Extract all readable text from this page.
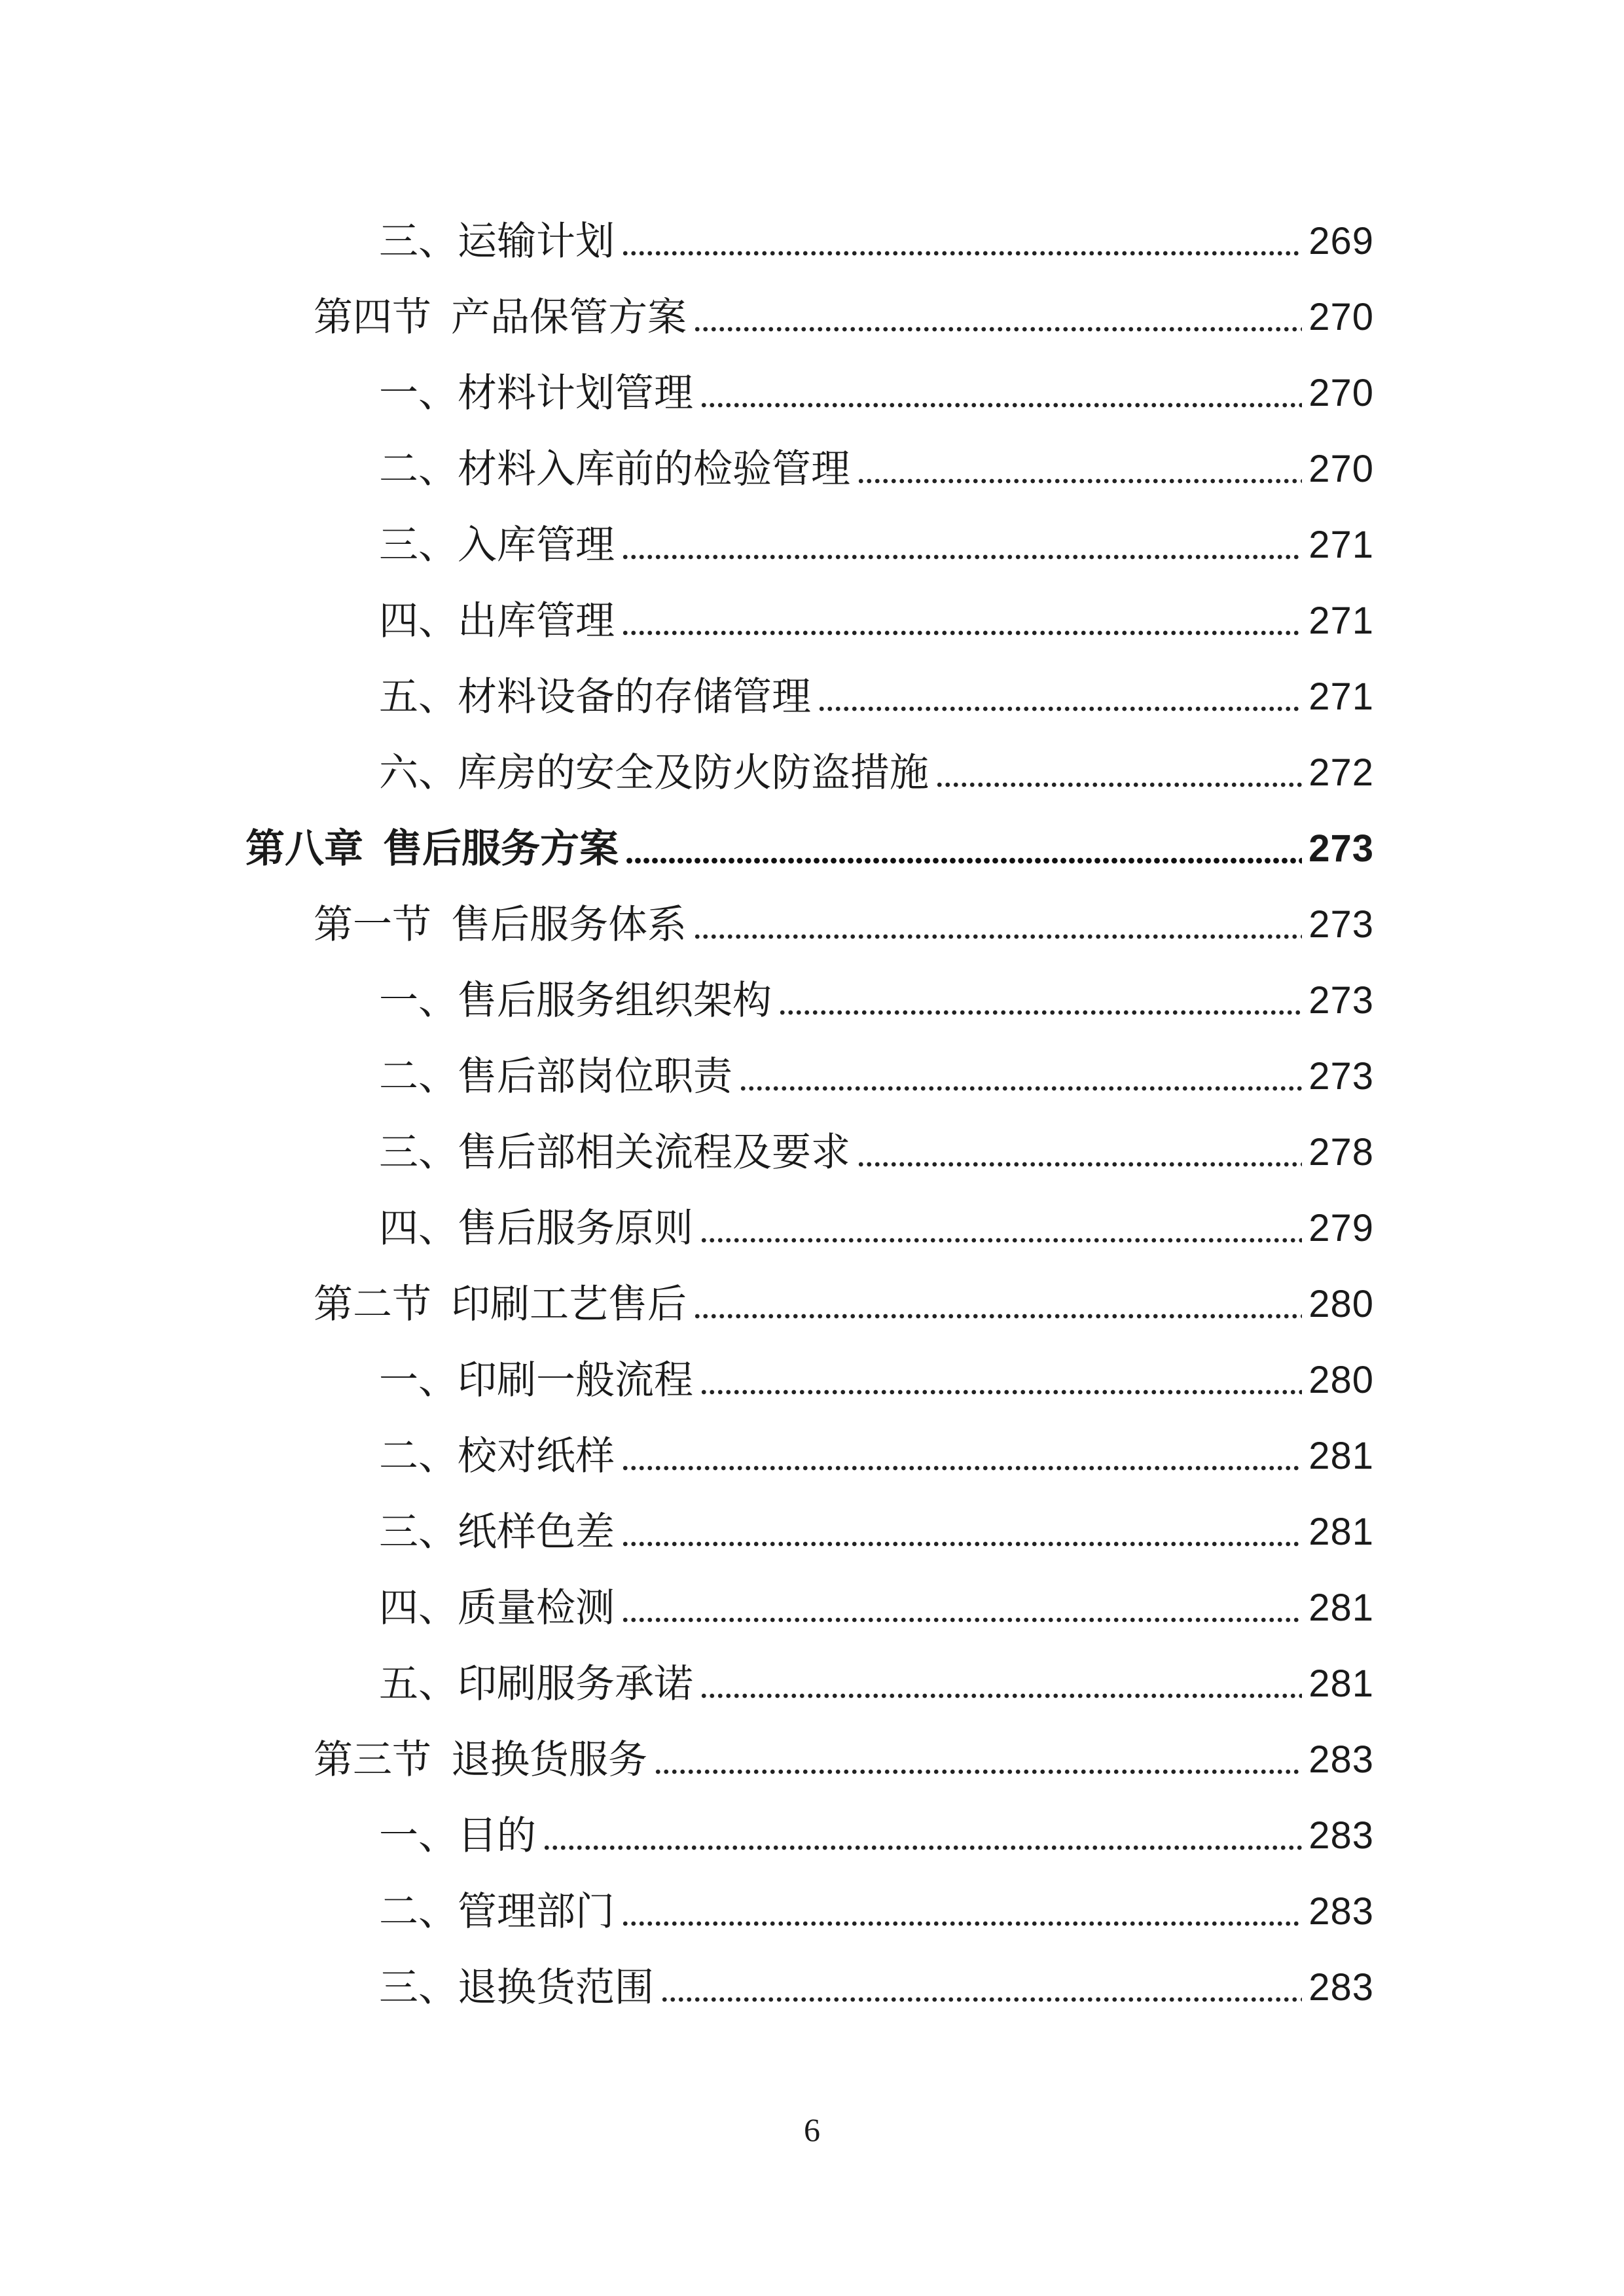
三、运输计划	269
第四节 产品保管方案	270
一、材料计划管理	270
二、材料入库前的检验管理	270
三、入库管理	271
四、出库管理	271
五、材料设备的存储管理	271
六、库房的安全及防火防盗措施	272
第八章 售后服务方案	273
第一节 售后服务体系	273
一、售后服务组织架构	273
二、售后部岗位职责	273
三、售后部相关流程及要求	278
四、售后服务原则	279
第二节 印刷工艺售后	280
一、印刷一般流程	280
二、校对纸样	281
三、纸样色差	281
四、质量检测	281
五、印刷服务承诺	281
第三节 退换货服务	283
一、目的	283
二、管理部门	283
三、退换货范围	283
6
